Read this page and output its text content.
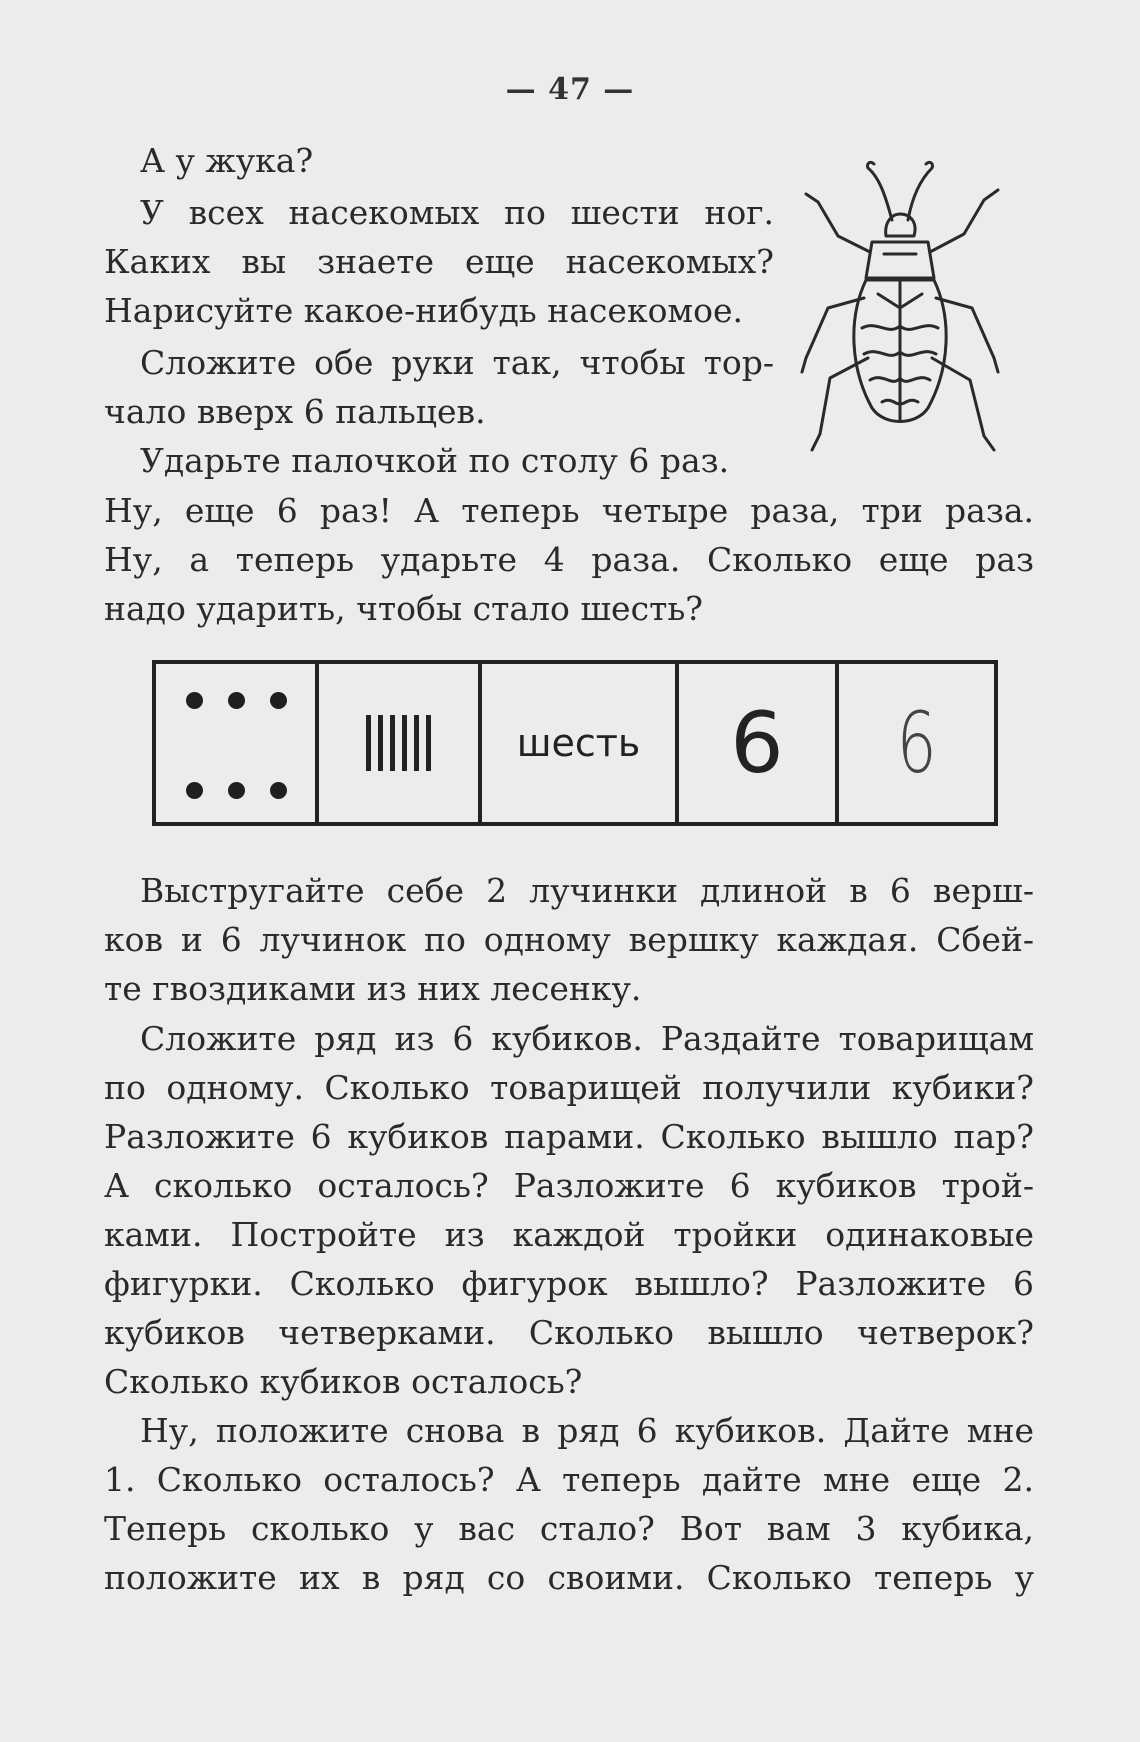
— 47 —
А у жука?
У всех насекомых по шести ног.
Каких вы знаете еще насекомых?
Нарисуйте какое-нибудь насекомое.
Сложите обе руки так, чтобы тор-
чало вверх 6 пальцев.
Ударьте палочкой по столу 6 раз.
Ну, еще 6 раз! А теперь четыре раза, три раза.
Ну, а теперь ударьте 4 раза. Сколько еще раз
надо ударить, чтобы стало шесть?
шесть 6 6
Выстругайте себе 2 лучинки длиной в 6 верш-
ков и 6 лучинок по одному вершку каждая. Сбей-
те гвоздиками из них лесенку.
Сложите ряд из 6 кубиков. Раздайте товарищам
по одному. Сколько товарищей получили кубики?
Разложите 6 кубиков парами. Сколько вышло пар?
А сколько осталось? Разложите 6 кубиков трой-
ками. Постройте из каждой тройки одинаковые
фигурки. Сколько фигурок вышло? Разложите 6
кубиков четверками. Сколько вышло четверок?
Сколько кубиков осталось?
Ну, положите снова в ряд 6 кубиков. Дайте мне
1. Сколько осталось? А теперь дайте мне еще 2.
Теперь сколько у вас стало? Вот вам 3 кубика,
положите их в ряд со своими. Сколько теперь у
